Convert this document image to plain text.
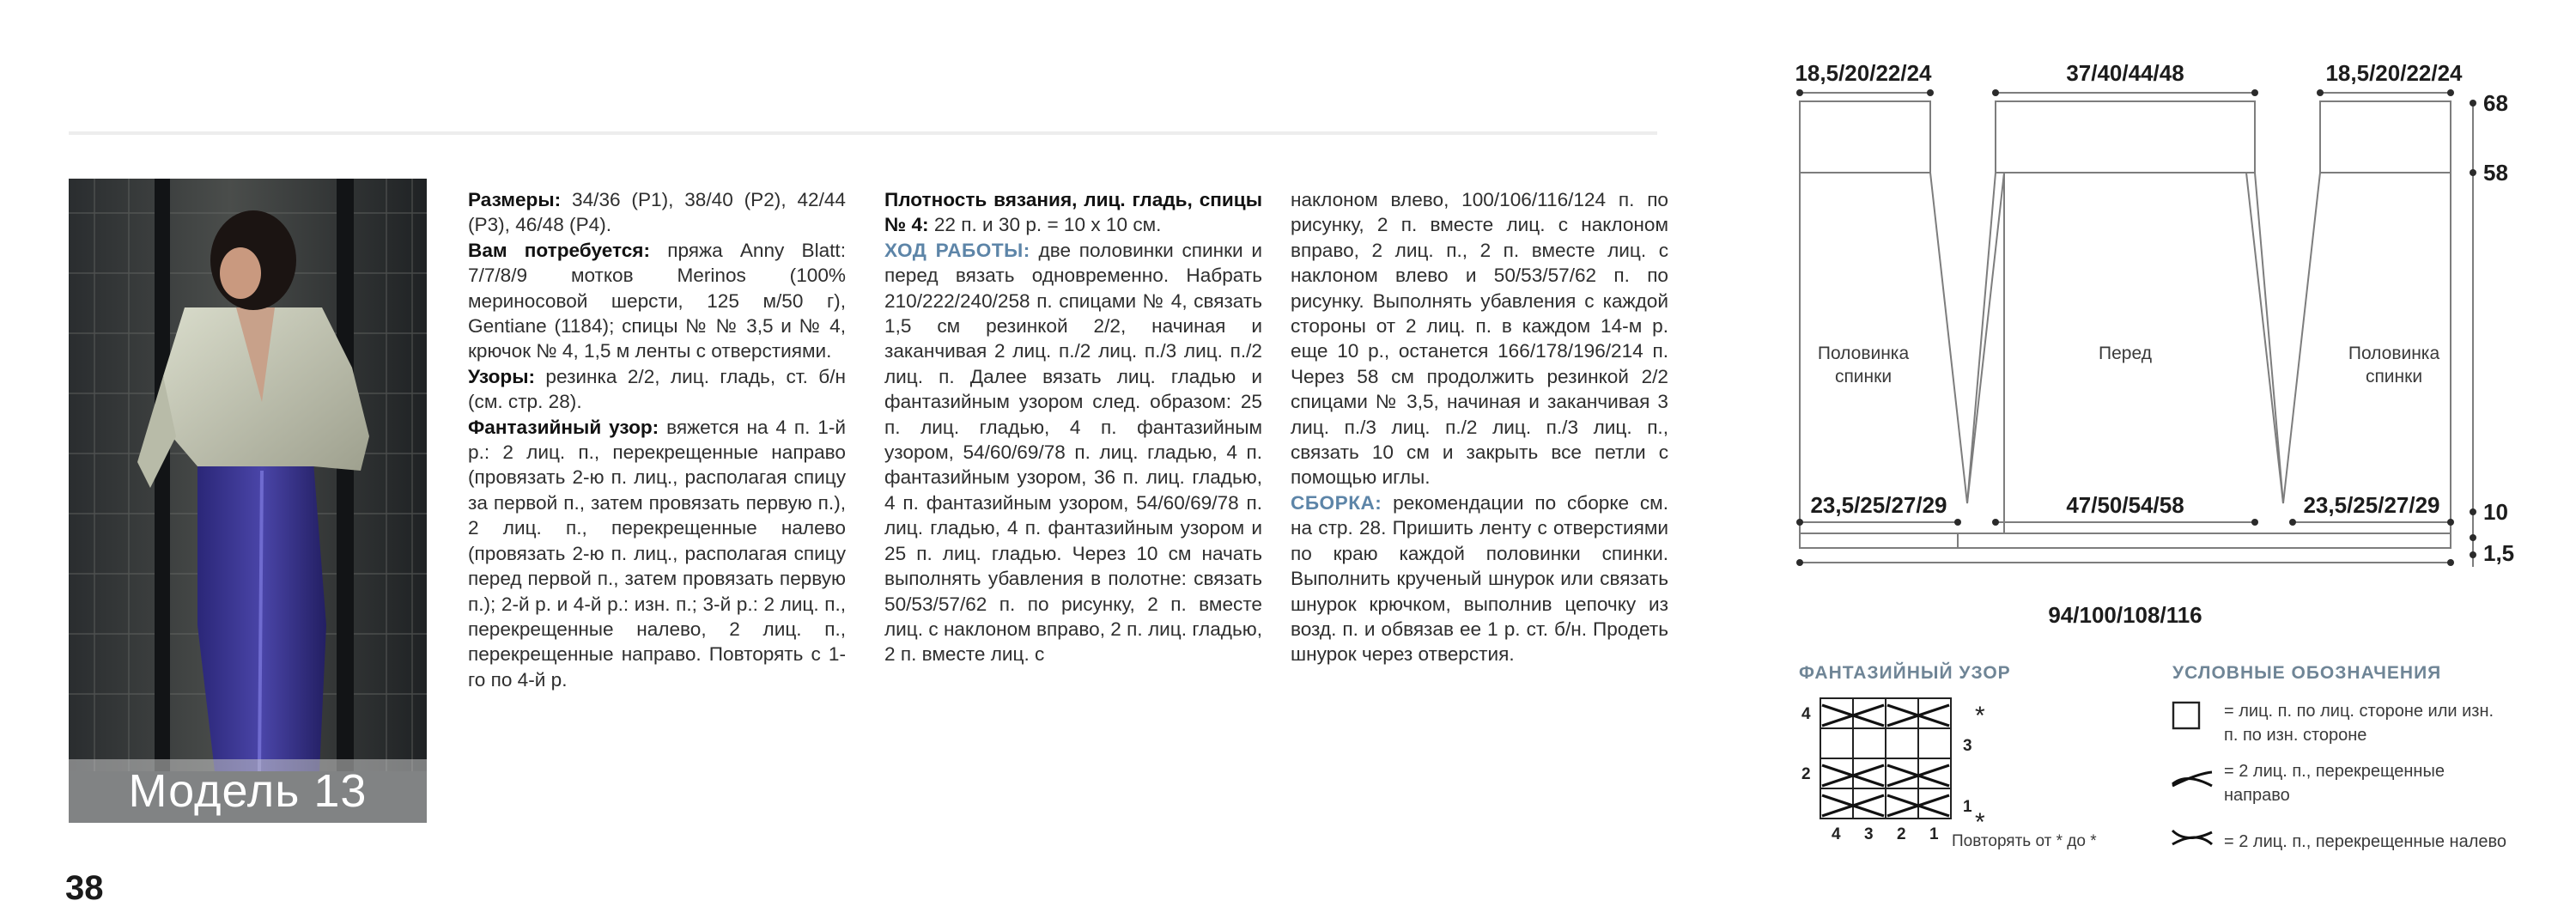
Модель 13
38

Размеры: 34/36 (Р1), 38/40 (Р2), 42/44 (Р3), 46/48 (Р4).

Вам потребуется: пряжа Anny Blatt: 7/7/8/9 мотков Merinos (100% мериносовой шерсти, 125 м/50 г), Gentiane (1184); спицы № № 3,5 и № 4, крючок № 4, 1,5 м ленты с отверстиями.

Узоры: резинка 2/2, лиц. гладь, ст. б/н (см. стр. 28).

Фантазийный узор: вяжется на 4 п. 1-й р.: 2 лиц. п., перекрещенные направо (провязать 2-ю п. лиц., располагая спицу за первой п., затем провязать первую п.), 2 лиц. п., перекрещенные налево (провязать 2-ю п. лиц., располагая спицу перед первой п., затем провязать первую п.); 2-й р. и 4-й р.: изн. п.; 3-й р.: 2 лиц. п., перекрещенные налево, 2 лиц. п., перекрещенные направо. Повторять с 1-го по 4-й р.

Плотность вязания, лиц. гладь, спицы № 4: 22 п. и 30 р. = 10 х 10 см.

ХОД РАБОТЫ: две половинки спинки и перед вязать одновременно. Набрать 210/222/240/258 п. спицами № 4, связать 1,5 см резинкой 2/2, начиная и заканчивая 2 лиц. п./2 лиц. п./3 лиц. п./2 лиц. п. Далее вязать лиц. гладью и фантазийным узором след. образом: 25 п. лиц. гладью, 4 п. фантазийным узором, 54/60/69/78 п. лиц. гладью, 4 п. фантазийным узором, 36 п. лиц. гладью, 4 п. фантазийным узором, 54/60/69/78 п. лиц. гладью, 4 п. фантазийным узором и 25 п. лиц. гладью. Через 10 см начать выполнять убавления в полотне: связать 50/53/57/62 п. по рисунку, 2 п. вместе лиц. с наклоном вправо, 2 п. лиц. гладью, 2 п. вместе лиц. с

наклоном влево, 100/106/116/124 п. по рисунку, 2 п. вместе лиц. с наклоном вправо, 2 лиц. п., 2 п. вместе лиц. с наклоном влево и 50/53/57/62 п. по рисунку. Выполнять убавления с каждой стороны от 2 лиц. п. в каждом 14-м р. еще 10 р., останется 166/178/196/214 п. Через 58 см продолжить резинкой 2/2 спицами № 3,5, начиная и заканчивая 3 лиц. п./3 лиц. п./2 лиц. п./3 лиц. п., связать 10 см и закрыть все петли с помощью иглы.

СБОРКА: рекомендации по сборке см. на стр. 28. Пришить ленту с отверстиями по краю каждой половинки спинки. Выполнить крученый шнурок или связать шнурок крючком, выполнив цепочку из возд. п. и обвязав ее 1 р. ст. б/н. Продеть шнурок через отверстия.

18,5/20/22/24	37/40/44/48	18,5/20/22/24
23,5/25/27/29	47/50/54/58	23,5/25/27/29
94/100/108/116
68
58
10
1,5
Половинка
спинки
Перед	Половинка
спинки
ФАНТАЗИЙНЫЙ УЗОР
4
3
2
1
4 3 2 1
*
*
Повторять от * до *
УСЛОВНЫЕ ОБОЗНАЧЕНИЯ
= лиц. п. по лиц. стороне или изн. п. по изн. стороне
= 2 лиц. п., перекрещенные направо
= 2 лиц. п., перекрещенные налево
